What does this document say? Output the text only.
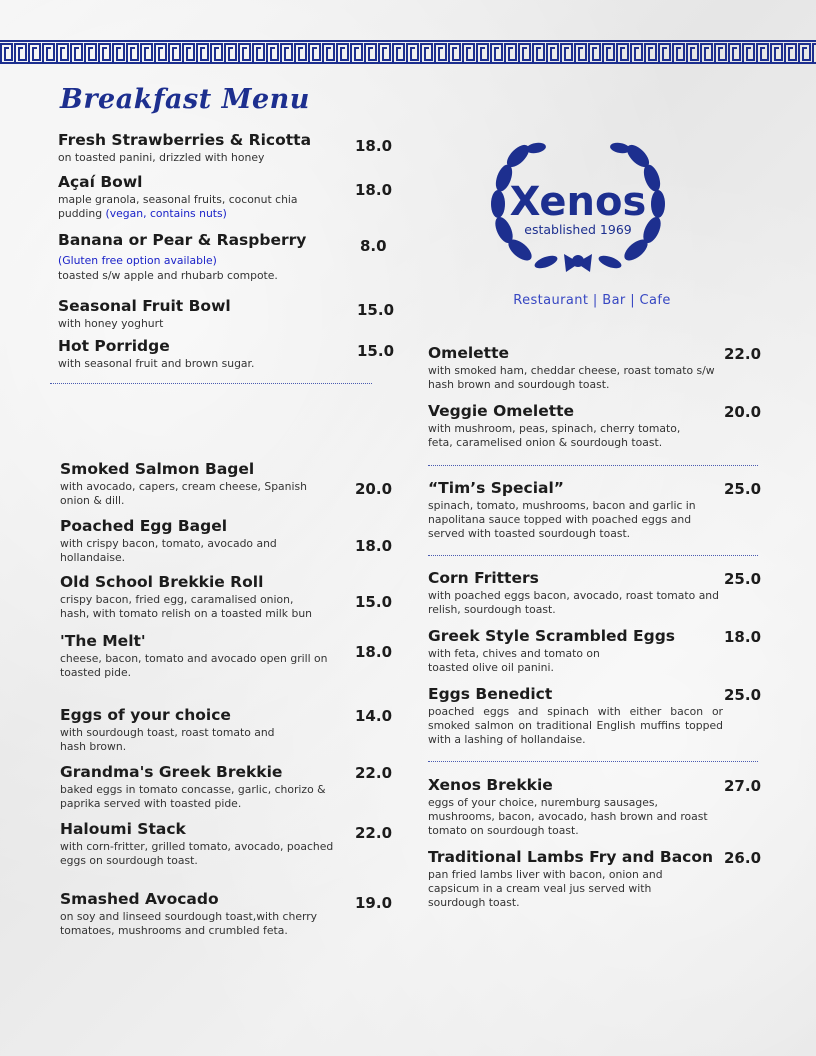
Breakfast Menu
Fresh Strawberries & Ricotta
on toasted panini, drizzled with honey
18.0
Açaí Bowl
maple granola, seasonal fruits, coconut chia pudding (vegan, contains nuts)
18.0
Banana or Pear & Raspberry
(Gluten free option available)
toasted s/w apple and rhubarb compote.
8.0
Seasonal Fruit Bowl
with honey yoghurt
15.0
Hot Porridge
with seasonal fruit and brown sugar.
15.0
Smoked Salmon Bagel
with avocado, capers, cream cheese, Spanish onion & dill.
20.0
Poached Egg Bagel
with crispy bacon, tomato, avocado and hollandaise.
18.0
Old School Brekkie Roll
crispy bacon, fried egg, caramalised onion, hash, with tomato relish on a toasted milk bun
15.0
'The Melt'
cheese, bacon, tomato and avocado open grill on toasted pide.
18.0
Eggs of your choice
with sourdough toast, roast tomato and hash brown.
14.0
Grandma's Greek Brekkie
baked eggs in tomato concasse, garlic, chorizo & paprika served with toasted pide.
22.0
Haloumi Stack
with corn-fritter, grilled tomato, avocado, poached eggs on sourdough toast.
22.0
Smashed Avocado
on soy and linseed sourdough toast,with cherry tomatoes, mushrooms and crumbled feta.
19.0
Xenos
established 1969
Restaurant | Bar | Cafe
Omelette
with smoked ham, cheddar cheese, roast tomato s/w hash brown and sourdough toast.
22.0
Veggie Omelette
with mushroom, peas, spinach, cherry tomato, feta, caramelised onion & sourdough toast.
20.0
“Tim’s Special”
spinach, tomato, mushrooms, bacon and garlic in napolitana sauce topped with poached eggs and served with toasted sourdough toast.
25.0
Corn Fritters
with poached eggs bacon, avocado, roast tomato and relish, sourdough toast.
25.0
Greek Style Scrambled Eggs
with feta, chives and tomato on toasted olive oil panini.
18.0
Eggs Benedict
poached eggs and spinach with either bacon or smoked salmon on traditional English muffins topped with a lashing of hollandaise.
25.0
Xenos Brekkie
eggs of your choice, nuremburg sausages, mushrooms, bacon, avocado, hash brown and roast tomato on sourdough toast.
27.0
Traditional Lambs Fry and Bacon
pan fried lambs liver with bacon, onion and capsicum in a cream veal jus served with sourdough toast.
26.0
